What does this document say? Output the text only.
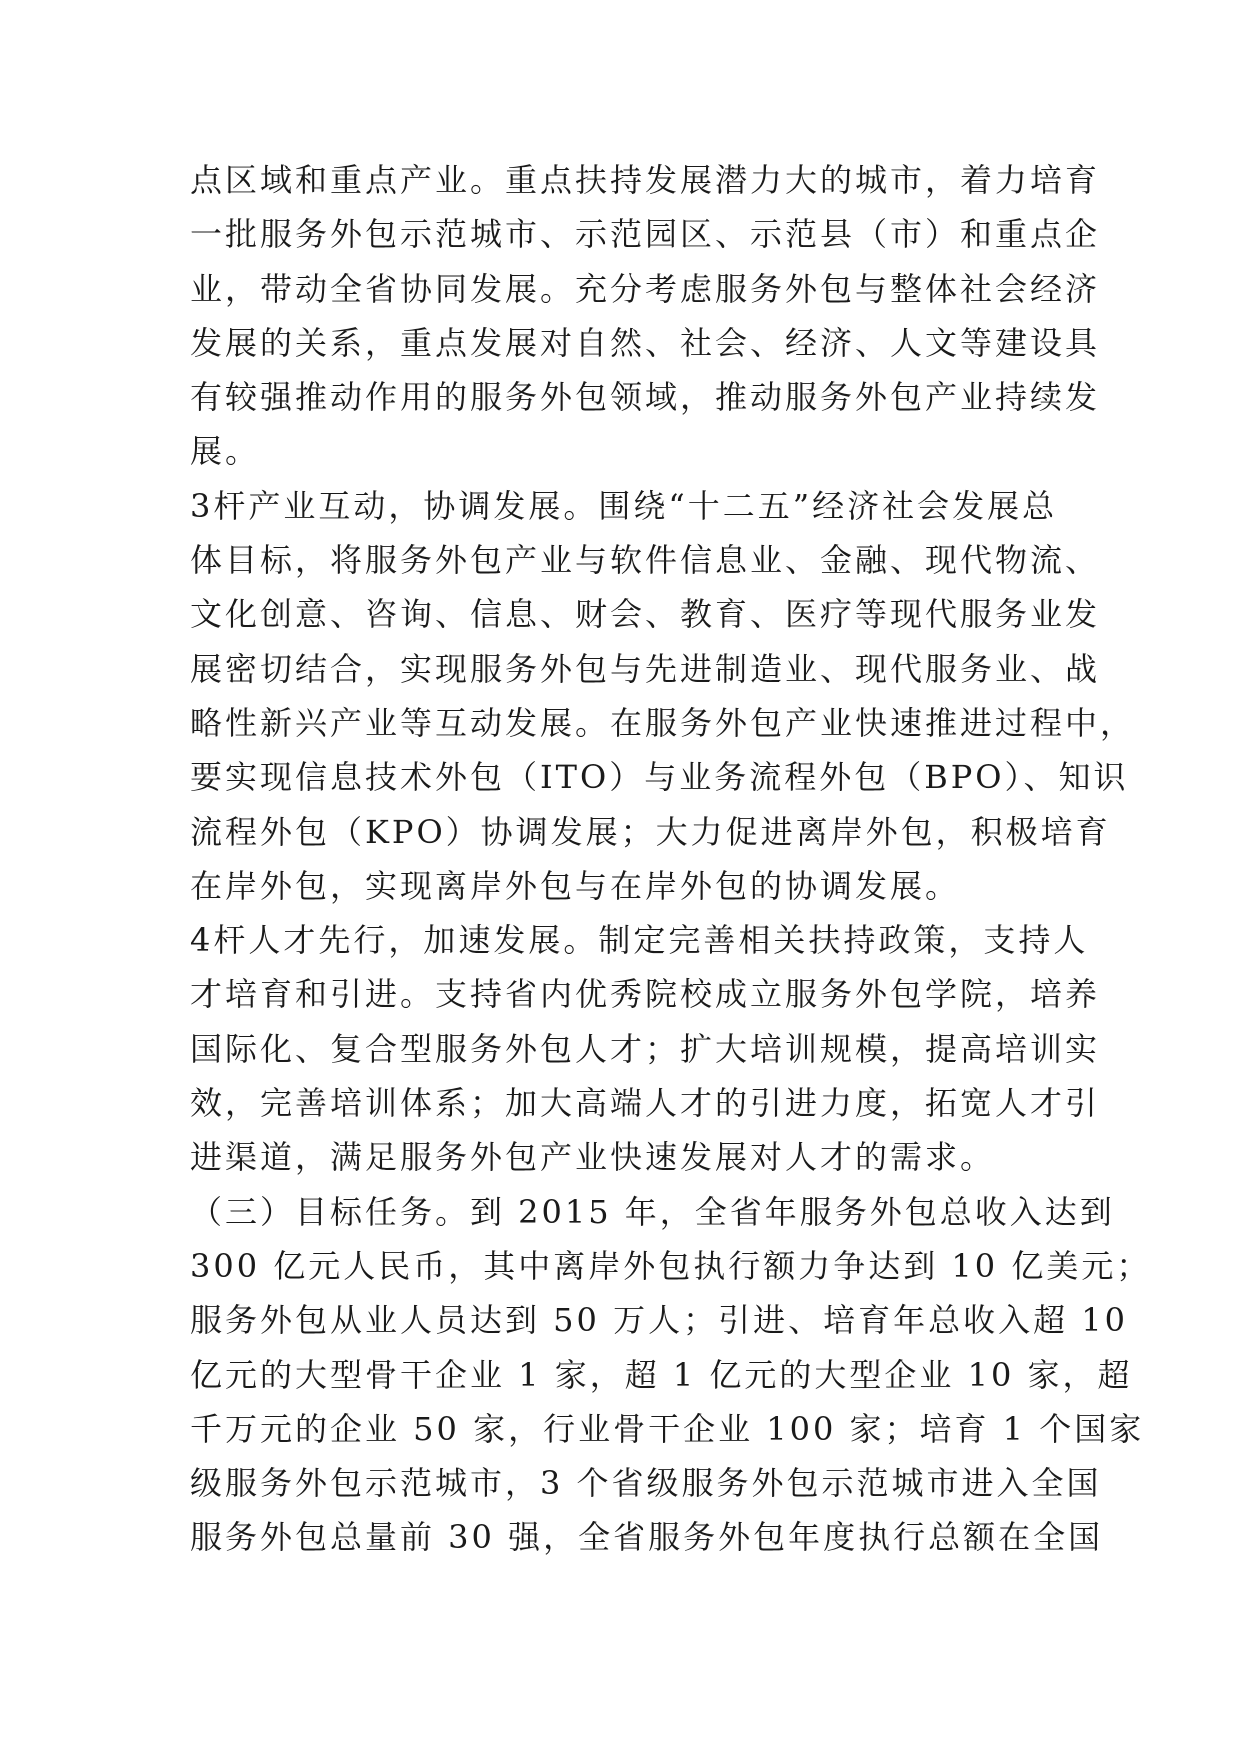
点区域和重点产业。重点扶持发展潜力大的城市，着力培育
一批服务外包示范城市、示范园区、示范县（市）和重点企
业，带动全省协同发展。充分考虑服务外包与整体社会经济
发展的关系，重点发展对自然、社会、经济、人文等建设具
有较强推动作用的服务外包领域，推动服务外包产业持续发
展。
3杆产业互动，协调发展。围绕“十二五”经济社会发展总
体目标，将服务外包产业与软件信息业、金融、现代物流、
文化创意、咨询、信息、财会、教育、医疗等现代服务业发
展密切结合，实现服务外包与先进制造业、现代服务业、战
略性新兴产业等互动发展。在服务外包产业快速推进过程中，
要实现信息技术外包（ITO）与业务流程外包（BPO）、知识
流程外包（KPO）协调发展；大力促进离岸外包，积极培育
在岸外包，实现离岸外包与在岸外包的协调发展。
4杆人才先行，加速发展。制定完善相关扶持政策，支持人
才培育和引进。支持省内优秀院校成立服务外包学院，培养
国际化、复合型服务外包人才；扩大培训规模，提高培训实
效，完善培训体系；加大高端人才的引进力度，拓宽人才引
进渠道，满足服务外包产业快速发展对人才的需求。
（三）目标任务。到 2015 年，全省年服务外包总收入达到
300 亿元人民币，其中离岸外包执行额力争达到 10 亿美元；
服务外包从业人员达到 50 万人；引进、培育年总收入超 10
亿元的大型骨干企业 1 家，超 1 亿元的大型企业 10 家，超
千万元的企业 50 家，行业骨干企业 100 家；培育 1 个国家
级服务外包示范城市，3 个省级服务外包示范城市进入全国
服务外包总量前 30 强，全省服务外包年度执行总额在全国
